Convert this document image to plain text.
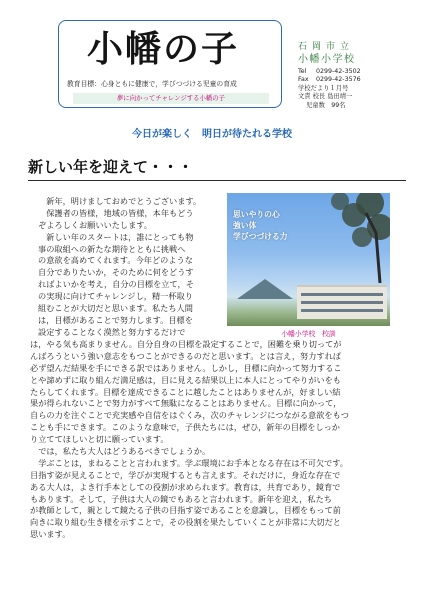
小幡の子
教育目標：心身ともに健康で，学びつづける児童の育成
夢に向かってチャレンジする小幡の子
石岡市立
小幡小学校
Tel	0299-42-3502
Fax	0299-42-3576
学校だより１月号
文責 校長 島田靖一
児童数　99名
今日が楽しく　明日が待たれる学校
新しい年を迎えて・・・
思いやりの心
強い体
学びつづける力
小幡小学校　校訓
　新年，明けましておめでとうございます。
　保護者の皆様，地域の皆様，本年もどう
ぞよろしくお願いいたします。
　新しい年のスタートは，誰にとっても物
事の取組への新たな期待とともに挑戦へ
の意欲を高めてくれます。今年どのような
自分でありたいか，そのために何をどうす
ればよいかを考え，自分の目標を立て，そ
の実現に向けてチャレンジし，精一杯取り
組むことが大切だと思います。私たち人間
は，目標があることで努力します。目標を
設定することなく漠然と努力するだけで
は，やる気も高まりません。自分自身の目標を設定することで，困難を乗り切ってが
んばろうという強い意志をもつことができるのだと思います。とは言え，努力すれば
必ず望んだ結果を手にできる訳ではありません。しかし，目標に向かって努力するこ
とや諦めずに取り組んだ満足感は，目に見える結果以上に本人にとってやりがいをも
たらしてくれます。目標を達成できることに越したことはありませんが，好ましい結
果が得られないことで努力がすべて無駄になることはありません。目標に向かって，
自らの力を注ぐことで充実感や自信をはぐくみ，次のチャレンジにつながる意欲をもつ
ことも手にできます。このような意味で，子供たちには，ぜひ，新年の目標をしっか
り立ててほしいと切に願っています。
　では，私たち大人はどうあるべきでしょうか。
　学ぶことは，まねることと言われます。学ぶ環境にお手本となる存在は不可欠です。
目指す姿が見えることで，学びが実現するとも言えます。それだけに，身近な存在で
ある大人は，よき行手本としての役割が求められます。教育は，共育であり，鏡育で
もあります。そして，子供は大人の鏡でもあると言われます。新年を迎え，私たち
が教師として，親として鏡たる子供の目指す姿であることを意識し，目標をもって前
向きに取り組む生き様を示すことで，その役割を果たしていくことが非常に大切だと
思います。
